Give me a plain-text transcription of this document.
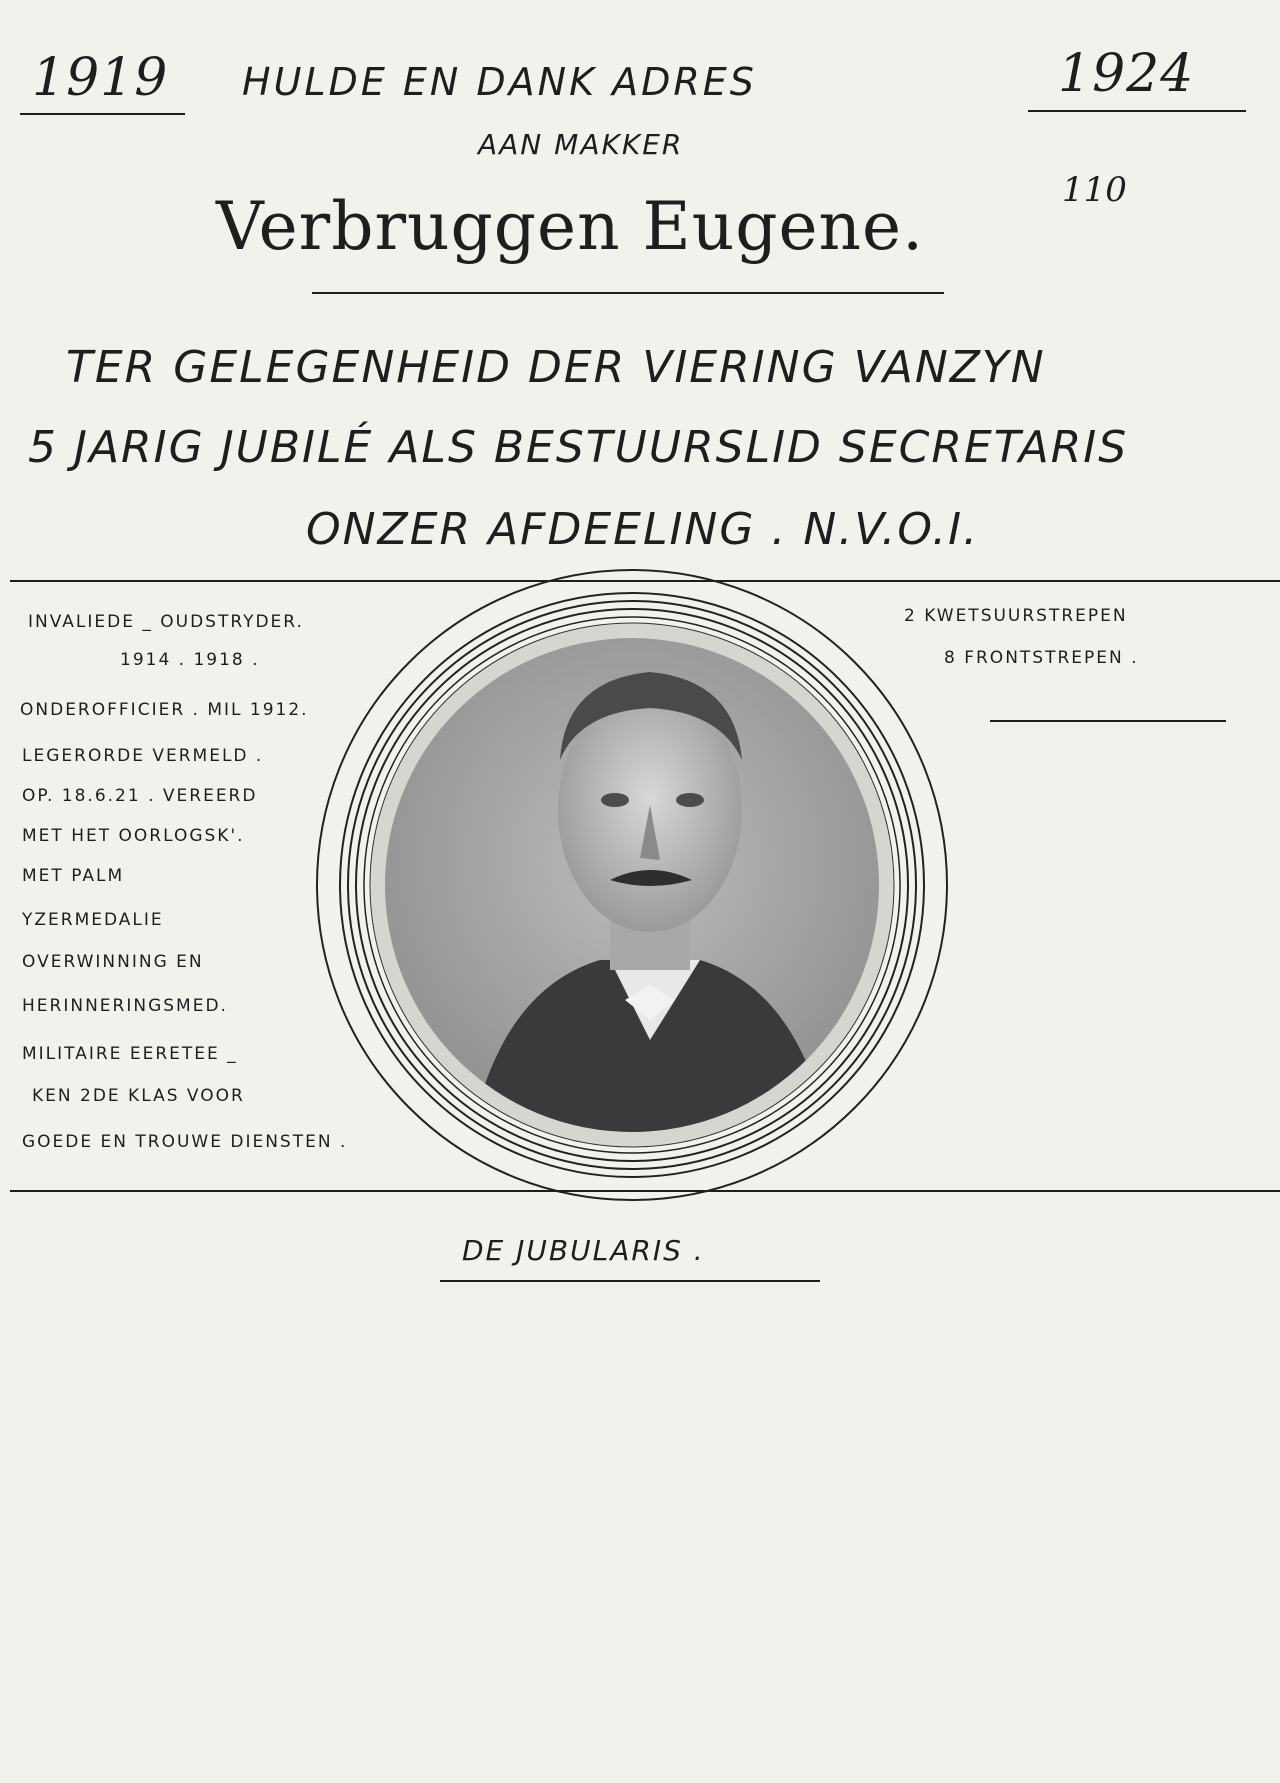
1919	1924
HULDE EN DANK ADRES
AAN MAKKER
Verbruggen Eugene.	110
TER GELEGENHEID DER VIERING VANZYN
5 JARIG JUBILÉ ALS BESTUURSLID SECRETARIS
ONZER AFDEELING . N.V.O.I.
INVALIEDE _ OUDSTRYDER.
1914 . 1918 .
ONDEROFFICIER . MIL 1912.
LEGERORDE VERMELD .
OP. 18.6.21 . VEREERD
MET HET OORLOGSK'.
MET PALM
YZERMEDALIE
OVERWINNING EN
HERINNERINGSMED.
MILITAIRE EERETEE _
KEN 2DE KLAS VOOR
GOEDE EN TROUWE DIENSTEN .
2 KWETSUURSTREPEN
8 FRONTSTREPEN .
DE JUBULARIS .
